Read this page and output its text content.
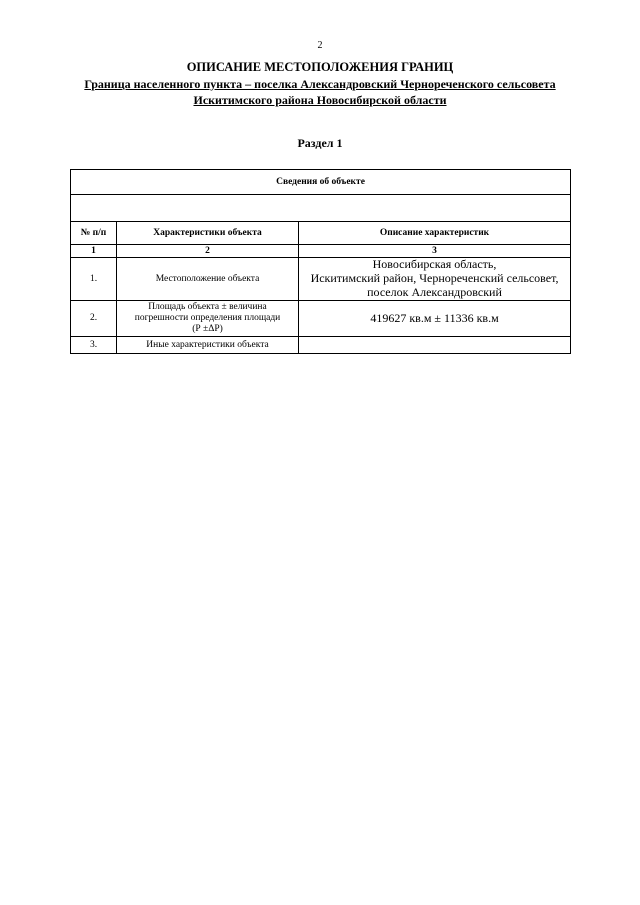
2
ОПИСАНИЕ МЕСТОПОЛОЖЕНИЯ ГРАНИЦ
Граница населенного пункта – поселка Александровский Чернореченского сельсовета
Искитимского района Новосибирской области
Раздел 1
Сведения об объекте		

№ п/п	Характеристики объекта	Описание характеристик
1	2	3
1.	Местоположение объекта	Новосибирская область,
Искитимский район, Чернореченский сельсовет,
поселок Александровский

2.	Площадь объекта ± величина
погрешности определения площади
(Р ±ΔР)	419627 кв.м ± 11336 кв.м
3.	Иные характеристики объекта	
